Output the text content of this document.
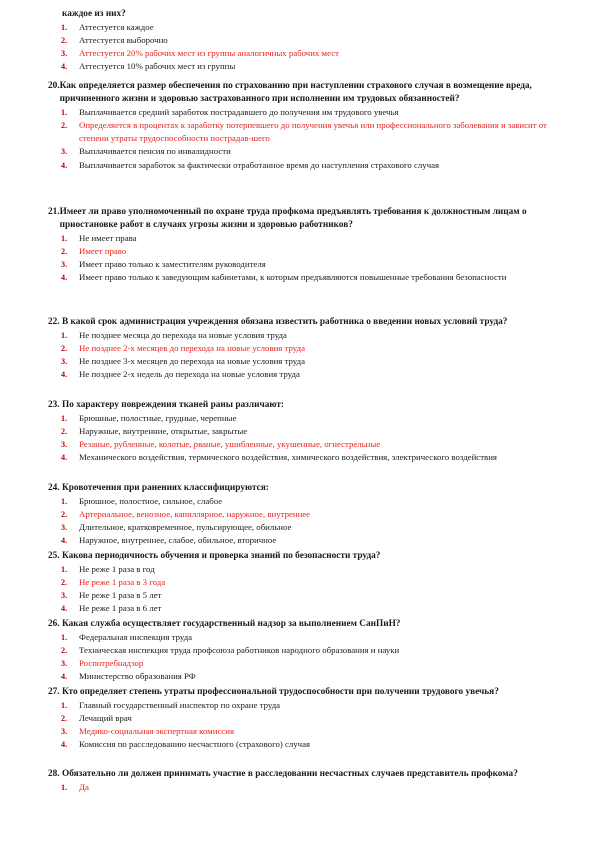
каждое из них?
1.	Аттестуется каждое
2.	Аттестуется выборочно
3.	Аттестуется 20% рабочих мест из группы аналогичных рабочих мест
4.	Аттестуется 10% рабочих мест из группы
20. Как определяется размер обеспечения по страхованию при наступлении страхового случая в возмещение вреда, причиненного жизни и здоровью застрахованного при исполнении им трудовых обязанностей?
1.	Выплачивается средний заработок пострадавшего до получения им трудового увечья
2.	Определяется в процентах к заработку потерпевшего до получения увечья или профессионального заболевания и зависит от степени утраты трудоспособности пострадав-шего
3.	Выплачивается пенсия по инвалидности
4.	Выплачивается заработок за фактически отработанное время до наступления страхового случая
21. Имеет ли право уполномоченный по охране труда профкома предъявлять требования к должностным лицам о приостановке работ в случаях угрозы жизни и здоровью работников?
1.	Не имеет права
2.	Имеет право
3.	Имеет право только к заместителям руководителя
4.	Имеет право только к заведующим кабинетами, к которым предъявляются повышенные требования безопасности
22. В какой срок администрация учреждения обязана известить работника о введении новых условий труда?
1.	Не позднее месяца до перехода на новые условия труда
2.	Не позднее 2-х месяцев до перехода на новые условия труда
3.	Не позднее 3-х месяцев до перехода на новые условия труда
4.	Не позднее 2-х недель до перехода на новые условия труда
23. По характеру повреждения тканей раны различают:
1.	Брюшные, полостные, грудные, черепные
2.	Наружные, внутренние, открытые, закрытые
3.	Резаные, рубленные, колотые, рваные, ушибленные, укушенные, огнестрельные
4.	Механического воздействия, термического воздействия, химического воздействия, электрического воздействия
24. Кровотечения при ранениях классифицируются:
1.	Брюшное, полостное, сильное, слабое
2.	Артериальное, венозное, капиллярное, наружное, внутреннее
3.	Длительное, кратковременное, пульсирующее, обильное
4.	Наружное, внутреннее, слабое, обильное, вторичное
25. Какова периодичность обучения и проверка знаний по безопасности труда?
1.	Не реже 1 раза в год
2.	Не реже 1 раза в 3 года
3.	Не реже 1 раза в 5 лет
4.	Не реже 1 раза в 6 лет
26. Какая служба осуществляет государственный надзор за выполнением СанПиН?
1.	Федеральная инспекция труда
2.	Техническая инспекция труда профсоюза работников народного образования и науки
3.	Роспотребнадзор
4.	Министерство образования РФ
27. Кто определяет степень утраты профессиональной трудоспособности при получении трудового увечья?
1.	Главный государственный инспектор по охране труда
2.	Лечащий врач
3.	Медико-социальная экспертная комиссия
4.	Комиссия по расследованию несчастного (страхового) случая
28. Обязательно ли должен принимать участие в расследовании несчастных случаев представитель профкома?
1.	Да
